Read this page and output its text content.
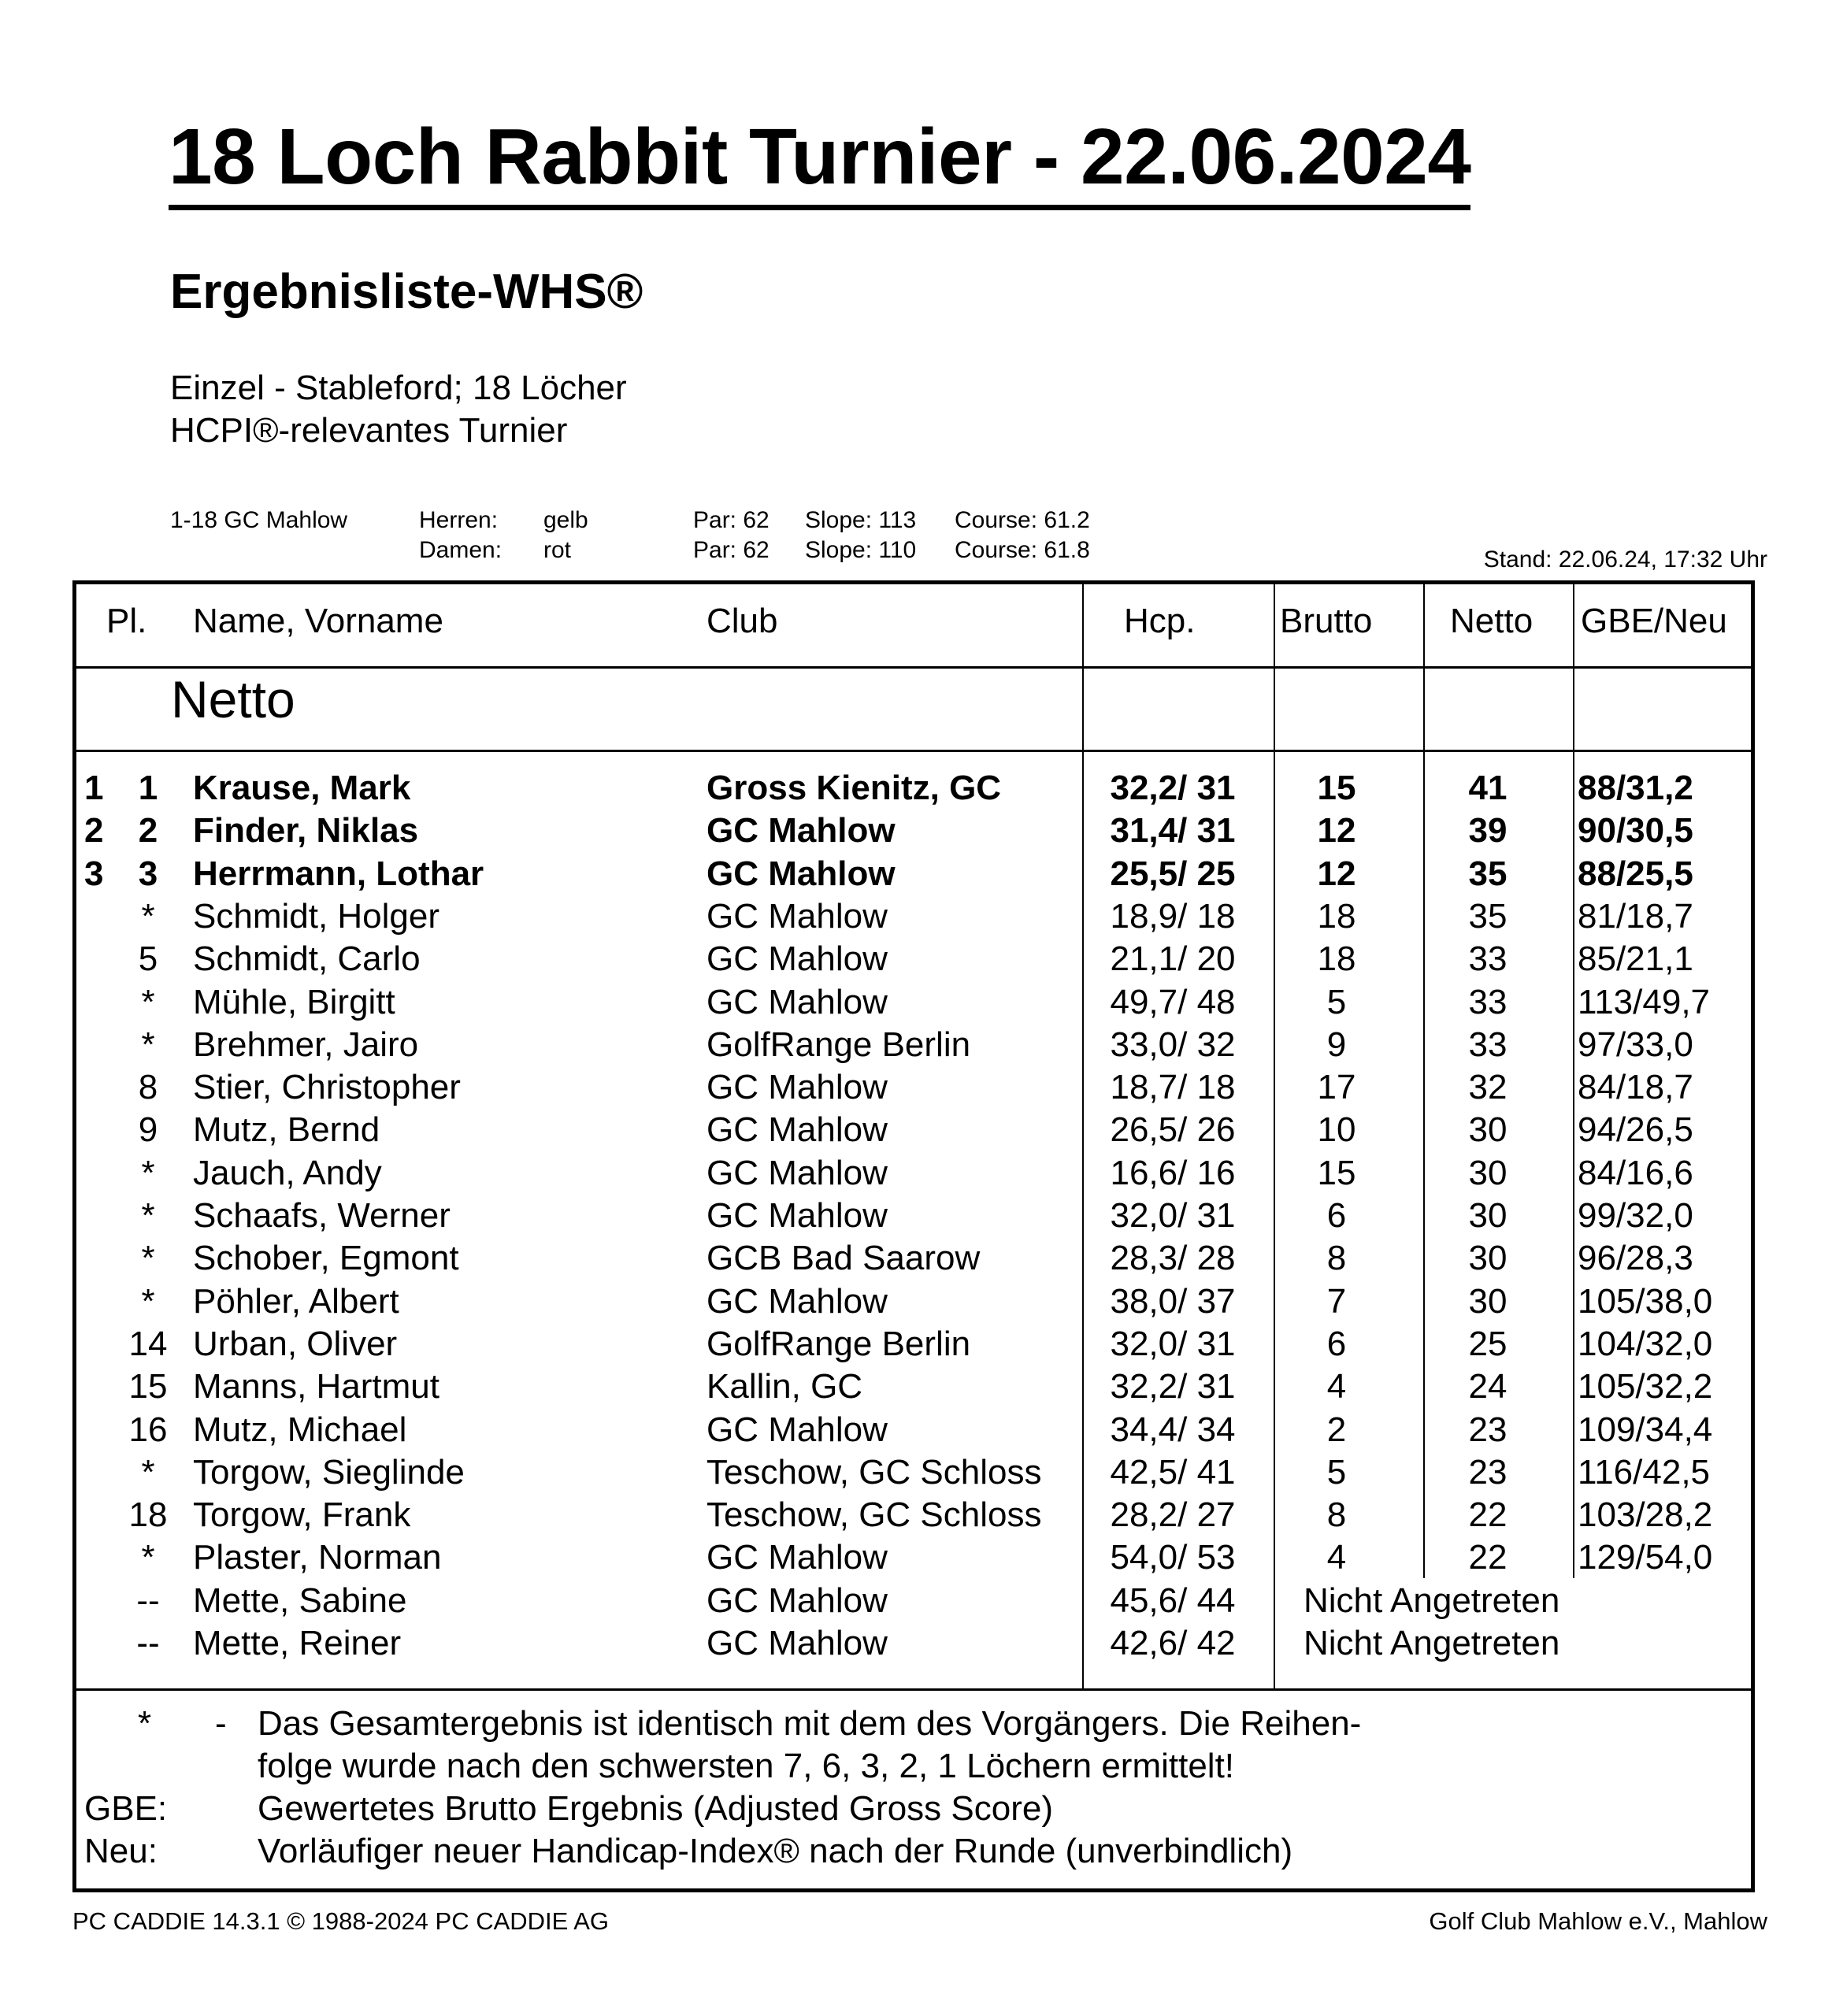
18 Loch Rabbit Turnier - 22.06.2024
Ergebnisliste-WHS®
Einzel - Stableford; 18 Löcher
HCPI®-relevantes Turnier
1-18 GC Mahlow	Herren: gelb	Par: 62 Slope: 113 Course: 61.2
Damen: rot	Par: 62 Slope: 110 Course: 61.8	Stand: 22.06.24, 17:32 Uhr
Pl. Name, Vorname	Club	Hcp. Brutto Netto GBE/Neu
Netto
1	1	Krause, Mark	Gross Kienitz, GC	32,2/ 31	15	41	88/31,2
2	2	Finder, Niklas	GC Mahlow	31,4/ 31	12	39	90/30,5
3	3	Herrmann, Lothar	GC Mahlow	25,5/ 25	12	35	88/25,5
*	Schmidt, Holger	GC Mahlow	18,9/ 18	18	35	81/18,7
5	Schmidt, Carlo	GC Mahlow	21,1/ 20	18	33	85/21,1
*	Mühle, Birgitt	GC Mahlow	49,7/ 48	5	33	113/49,7
*	Brehmer, Jairo	GolfRange Berlin	33,0/ 32	9	33	97/33,0
8	Stier, Christopher	GC Mahlow	18,7/ 18	17	32	84/18,7
9	Mutz, Bernd	GC Mahlow	26,5/ 26	10	30	94/26,5
*	Jauch, Andy	GC Mahlow	16,6/ 16	15	30	84/16,6
*	Schaafs, Werner	GC Mahlow	32,0/ 31	6	30	99/32,0
*	Schober, Egmont	GCB Bad Saarow	28,3/ 28	8	30	96/28,3
*	Pöhler, Albert	GC Mahlow	38,0/ 37	7	30	105/38,0
14 Urban, Oliver	GolfRange Berlin	32,0/ 31	6	25	104/32,0
15 Manns, Hartmut	Kallin, GC	32,2/ 31	4	24	105/32,2
16 Mutz, Michael	GC Mahlow	34,4/ 34	2	23	109/34,4
*	Torgow, Sieglinde	Teschow, GC Schloss	42,5/ 41	5	23	116/42,5
18 Torgow, Frank	Teschow, GC Schloss	28,2/ 27	8	22	103/28,2
*	Plaster, Norman	GC Mahlow	54,0/ 53	4	22	129/54,0
-- Mette, Sabine	GC Mahlow	45,6/ 44	Nicht Angetreten
-- Mette, Reiner	GC Mahlow	42,6/ 42	Nicht Angetreten
* - Das Gesamtergebnis ist identisch mit dem des Vorgängers. Die Reihen-
folge wurde nach den schwersten 7, 6, 3, 2, 1 Löchern ermittelt!
GBE:	Gewertetes Brutto Ergebnis (Adjusted Gross Score)
Neu:	Vorläufiger neuer Handicap-Index® nach der Runde (unverbindlich)
PC CADDIE 14.3.1 © 1988-2024 PC CADDIE AG	Golf Club Mahlow e.V., Mahlow
